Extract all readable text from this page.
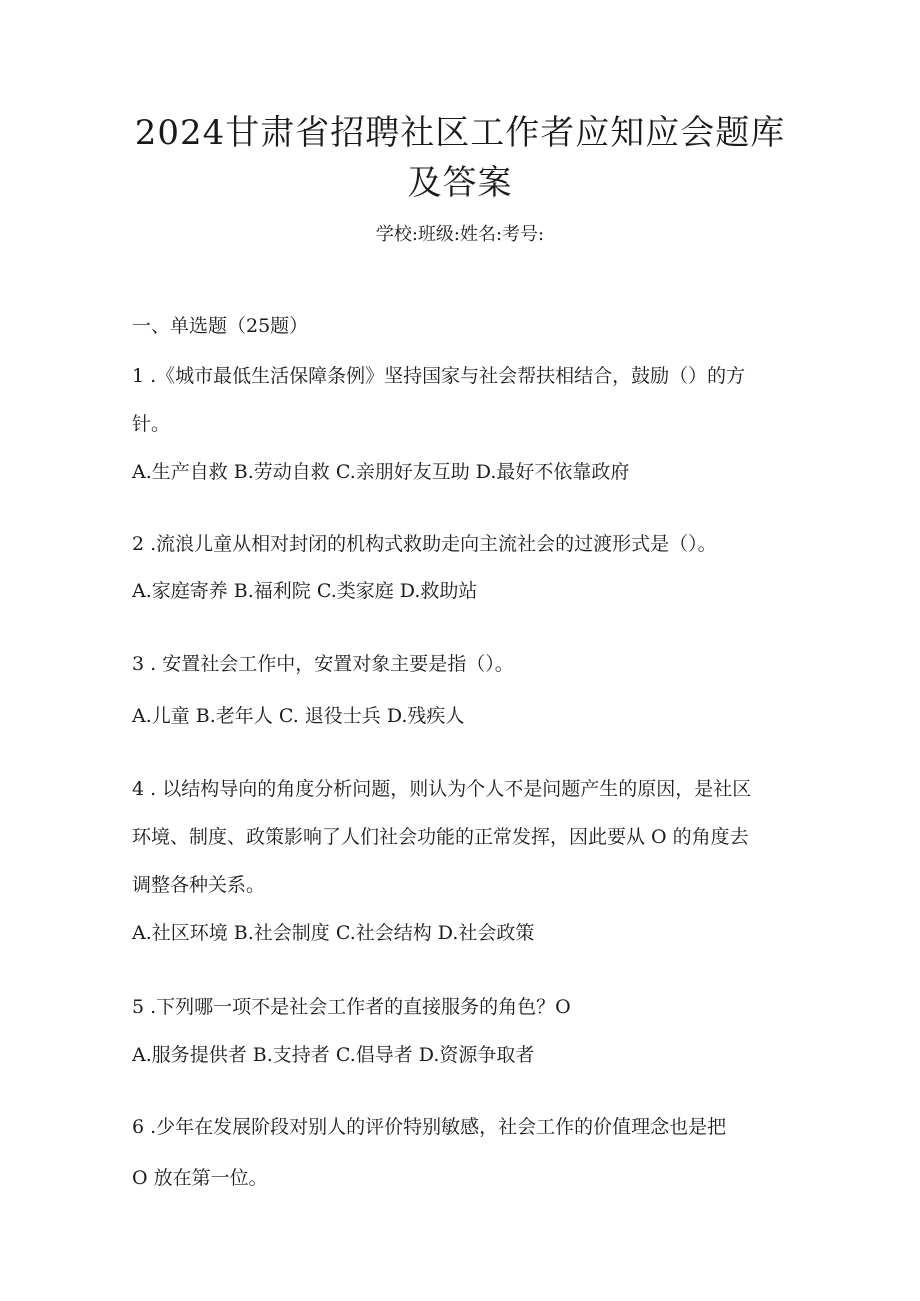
2024甘肃省招聘社区工作者应知应会题库
及答案
学校:班级:姓名:考号:
一、单选题（25题）
1 .《城市最低生活保障条例》坚持国家与社会帮扶相结合，鼓励（）的方
针。
A.生产自救 B.劳动自救 C.亲朋好友互助 D.最好不依靠政府
2 .流浪儿童从相对封闭的机构式救助走向主流社会的过渡形式是（）。
A.家庭寄养 B.福利院 C.类家庭 D.救助站
3 . 安置社会工作中，安置对象主要是指（）。
A.儿童 B.老年人 C. 退役士兵 D.残疾人
4 . 以结构导向的角度分析问题，则认为个人不是问题产生的原因，是社区
环境、制度、政策影响了人们社会功能的正常发挥，因此要从 O 的角度去
调整各种关系。
A.社区环境 B.社会制度 C.社会结构 D.社会政策
5 .下列哪一项不是社会工作者的直接服务的角色？O
A.服务提供者 B.支持者 C.倡导者 D.资源争取者
6 .少年在发展阶段对别人的评价特别敏感，社会工作的价值理念也是把
O 放在第一位。
